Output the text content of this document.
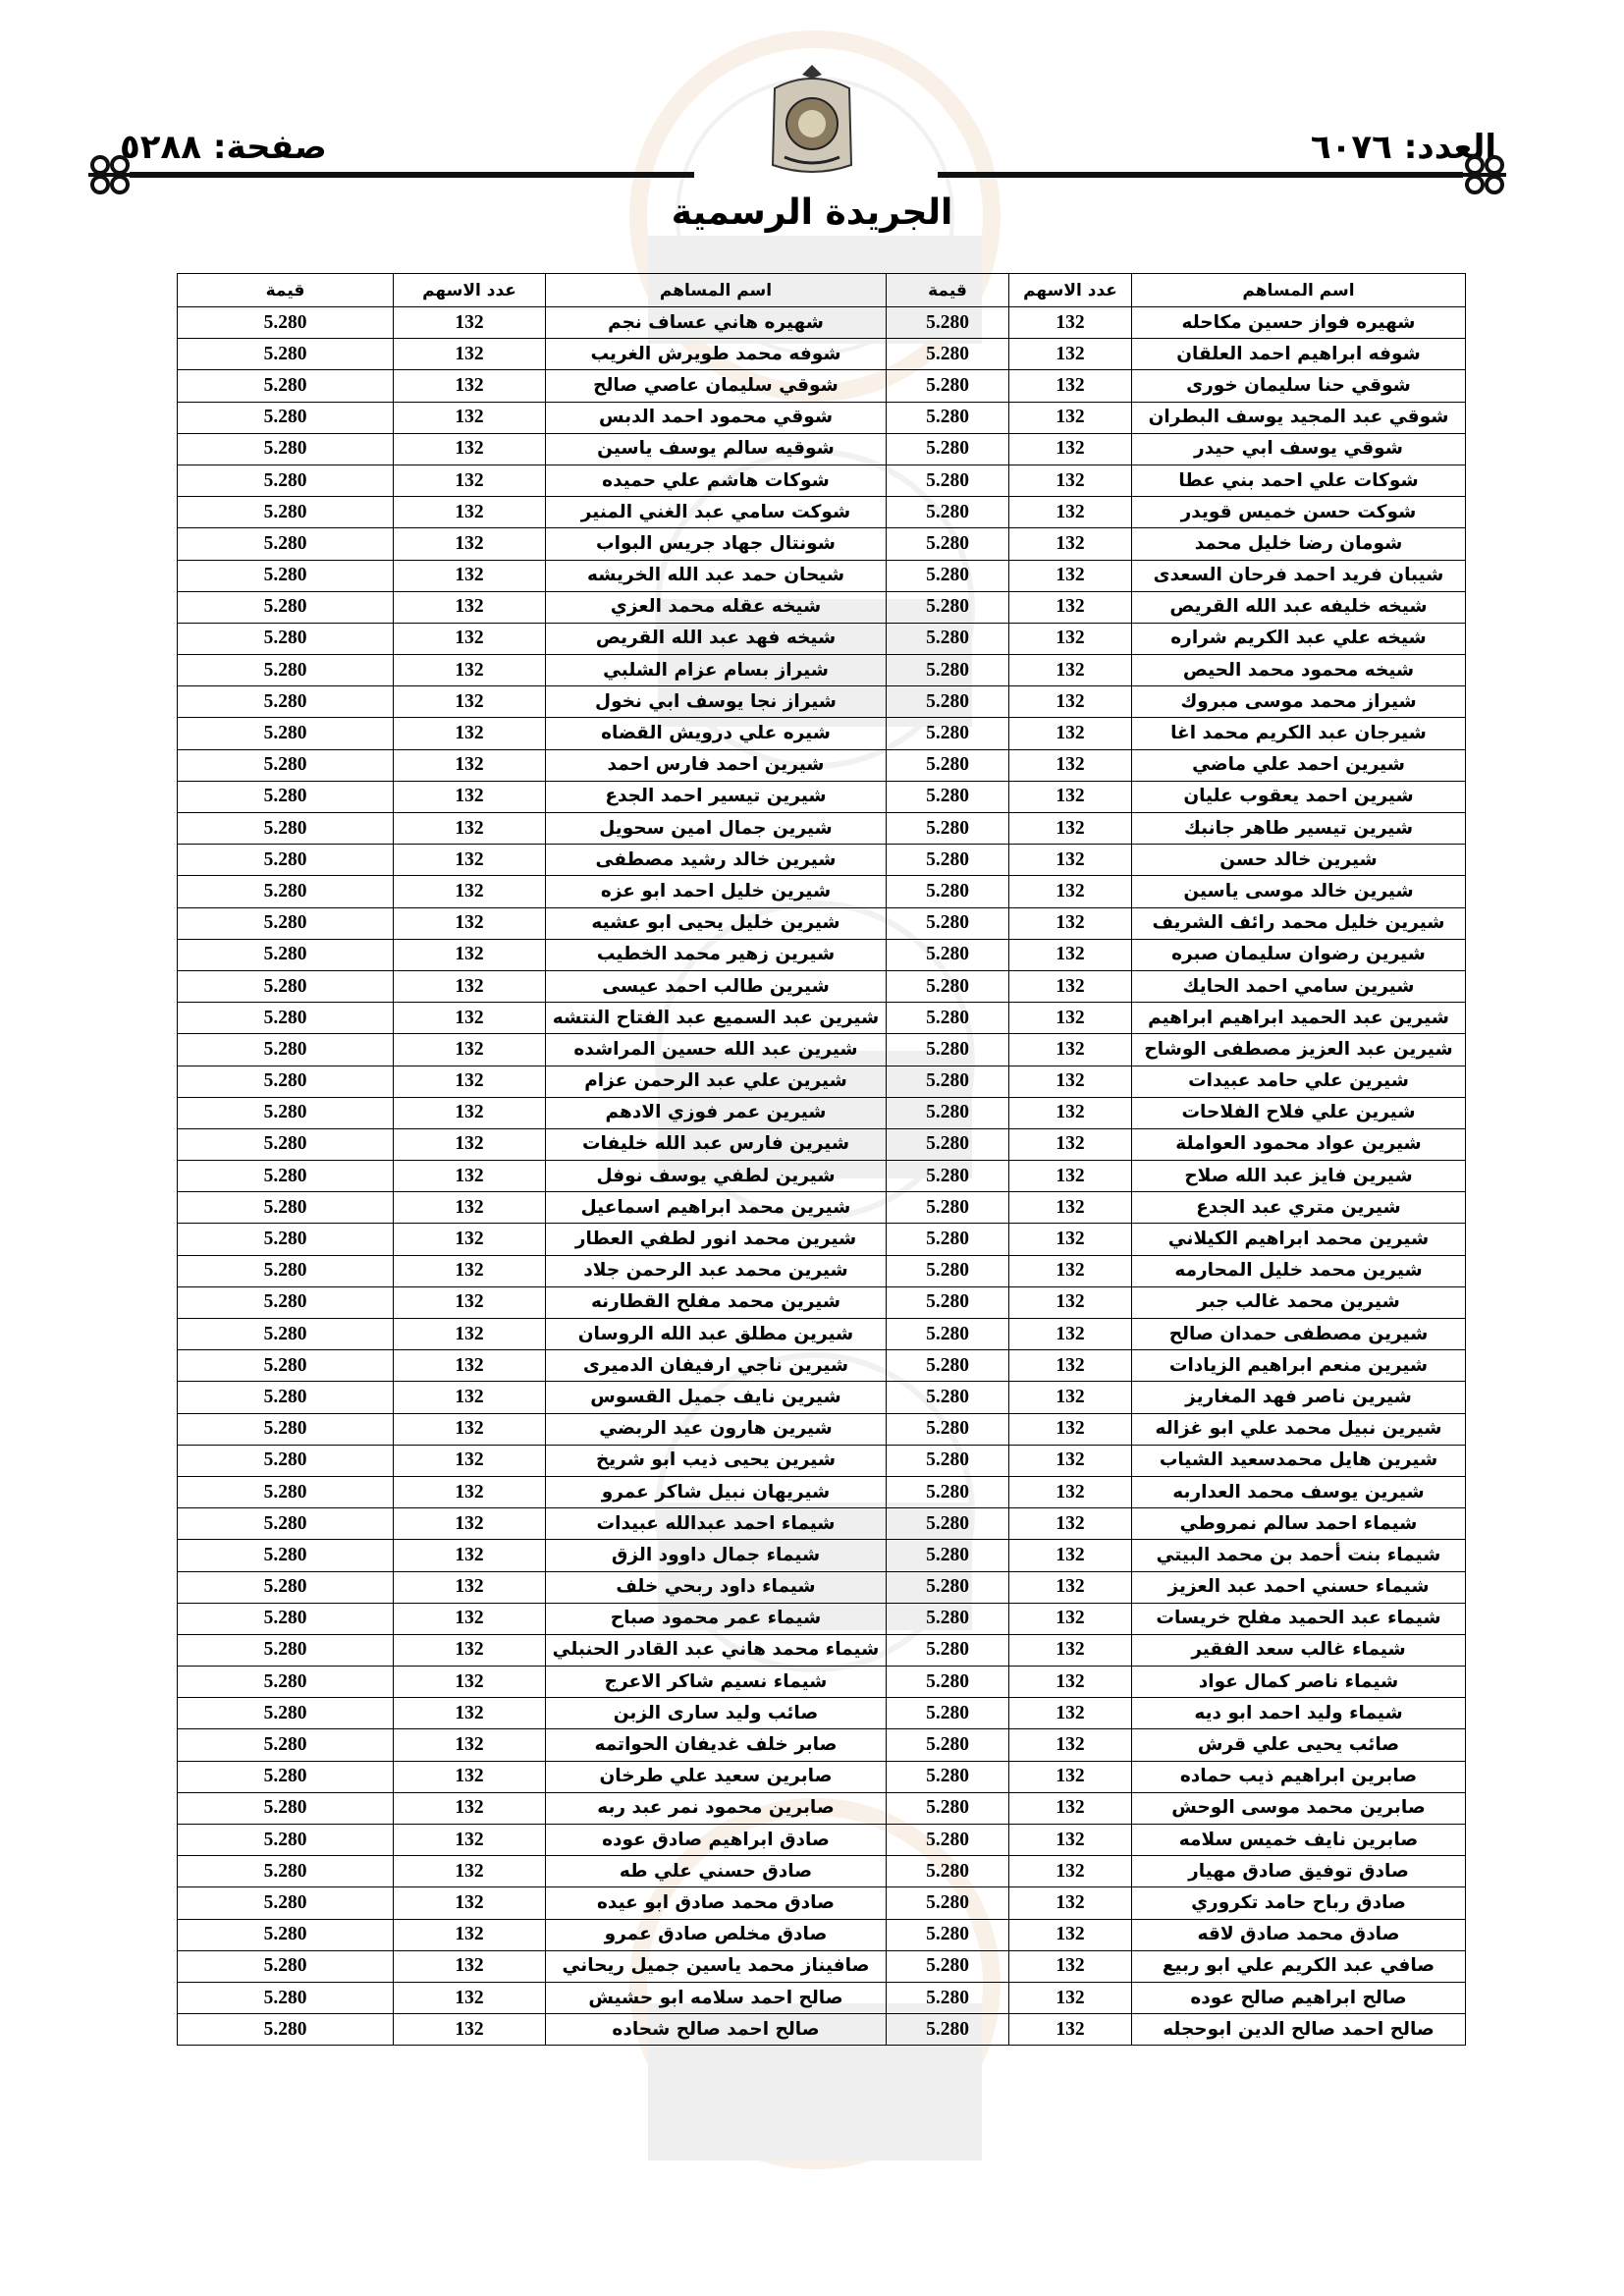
العدد: ٦٠٧٦
صفحة: ٥٢٨٨
الجريدة الرسمية
اسم المساهم	عدد الاسهم	قيمة	اسم المساهم	عدد الاسهم	قيمة
شهيره فواز حسين مكاحله	132	5.280	شهيره هاني عساف نجم	132	5.280
شوفه ابراهيم احمد العلقان	132	5.280	شوفه محمد طويرش الغريب	132	5.280
شوقي حنا سليمان خورى	132	5.280	شوقي سليمان عاصي صالح	132	5.280
شوقي عبد المجيد يوسف البطران	132	5.280	شوقي محمود احمد الدبس	132	5.280
شوقي يوسف ابي حيدر	132	5.280	شوقيه سالم يوسف ياسين	132	5.280
شوكات علي احمد بني عطا	132	5.280	شوكات هاشم علي حميده	132	5.280
شوكت حسن خميس قويدر	132	5.280	شوكت سامي عبد الغني المنير	132	5.280
شومان رضا خليل محمد	132	5.280	شونتال جهاد جريس البواب	132	5.280
شيبان فريد احمد فرحان السعدى	132	5.280	شيحان حمد عبد الله الخريشه	132	5.280
شيخه خليفه عبد الله القريص	132	5.280	شيخه عقله محمد العزي	132	5.280
شيخه علي عبد الكريم شراره	132	5.280	شيخه فهد عبد الله القريص	132	5.280
شيخه محمود محمد الحيص	132	5.280	شيراز بسام عزام الشلبي	132	5.280
شيراز محمد موسى مبروك	132	5.280	شيراز نجا يوسف ابي نخول	132	5.280
شيرجان عبد الكريم محمد اغا	132	5.280	شيره علي درويش القضاه	132	5.280
شيرين احمد علي ماضي	132	5.280	شيرين احمد فارس احمد	132	5.280
شيرين احمد يعقوب عليان	132	5.280	شيرين تيسير احمد الجدع	132	5.280
شيرين تيسير طاهر جانبك	132	5.280	شيرين جمال امين سحويل	132	5.280
شيرين خالد حسن	132	5.280	شيرين خالد رشيد مصطفى	132	5.280
شيرين خالد موسى ياسين	132	5.280	شيرين خليل احمد ابو عزه	132	5.280
شيرين خليل محمد رائف الشريف	132	5.280	شيرين خليل يحيى ابو عشيه	132	5.280
شيرين رضوان سليمان صبره	132	5.280	شيرين زهير محمد الخطيب	132	5.280
شيرين سامي احمد الحايك	132	5.280	شيرين طالب احمد عيسى	132	5.280
شيرين عبد الحميد ابراهيم ابراهيم	132	5.280	شيرين عبد السميع عبد الفتاح النتشه	132	5.280
شيرين عبد العزيز مصطفى الوشاح	132	5.280	شيرين عبد الله حسين المراشده	132	5.280
شيرين علي حامد عبيدات	132	5.280	شيرين علي عبد الرحمن عزام	132	5.280
شيرين علي فلاح الفلاحات	132	5.280	شيرين عمر فوزي الادهم	132	5.280
شيرين عواد محمود العواملة	132	5.280	شيرين فارس عبد الله خليفات	132	5.280
شيرين فايز عبد الله صلاح	132	5.280	شيرين لطفي يوسف نوفل	132	5.280
شيرين متري عبد الجدع	132	5.280	شيرين محمد ابراهيم اسماعيل	132	5.280
شيرين محمد ابراهيم الكيلاني	132	5.280	شيرين محمد انور لطفي العطار	132	5.280
شيرين محمد خليل المحارمه	132	5.280	شيرين محمد عبد الرحمن جلاد	132	5.280
شيرين محمد غالب جبر	132	5.280	شيرين محمد مفلح القطارنه	132	5.280
شيرين مصطفى حمدان صالح	132	5.280	شيرين مطلق عبد الله الروسان	132	5.280
شيرين منعم ابراهيم الزيادات	132	5.280	شيرين ناجي ارفيفان الدميرى	132	5.280
شيرين ناصر فهد المغاريز	132	5.280	شيرين نايف جميل القسوس	132	5.280
شيرين نبيل محمد علي ابو غزاله	132	5.280	شيرين هارون عيد الربضي	132	5.280
شيرين هايل محمدسعيد الشياب	132	5.280	شيرين يحيى ذيب ابو شريخ	132	5.280
شيرين يوسف محمد العداربه	132	5.280	شيريهان نبيل شاكر عمرو	132	5.280
شيماء احمد سالم نمروطي	132	5.280	شيماء احمد عبدالله عبيدات	132	5.280
شيماء بنت أحمد بن محمد البيتي	132	5.280	شيماء جمال داوود الزق	132	5.280
شيماء حسني احمد عبد العزيز	132	5.280	شيماء داود ربحي خلف	132	5.280
شيماء عبد الحميد مفلح خريسات	132	5.280	شيماء عمر محمود صباح	132	5.280
شيماء غالب سعد الفقير	132	5.280	شيماء محمد هاني عبد القادر الحنبلي	132	5.280
شيماء ناصر كمال عواد	132	5.280	شيماء نسيم شاكر الاعرج	132	5.280
شيماء وليد احمد ابو ديه	132	5.280	صائب وليد سارى الزبن	132	5.280
صائب يحيى علي قرش	132	5.280	صابر خلف غديفان الحواتمه	132	5.280
صابرين ابراهيم ذيب حماده	132	5.280	صابرين سعيد علي طرخان	132	5.280
صابرين محمد موسى الوحش	132	5.280	صابرين محمود نمر عبد ربه	132	5.280
صابرين نايف خميس سلامه	132	5.280	صادق ابراهيم صادق عوده	132	5.280
صادق توفيق صادق مهيار	132	5.280	صادق حسني علي طه	132	5.280
صادق رباح حامد تكروري	132	5.280	صادق محمد صادق ابو عيده	132	5.280
صادق محمد صادق لاقه	132	5.280	صادق مخلص صادق عمرو	132	5.280
صافي عبد الكريم علي ابو ربيع	132	5.280	صافيناز محمد ياسين جميل ريحاني	132	5.280
صالح ابراهيم صالح عوده	132	5.280	صالح احمد سلامه ابو حشيش	132	5.280
صالح احمد صالح الدين ابوحجله	132	5.280	صالح احمد صالح شحاده	132	5.280
